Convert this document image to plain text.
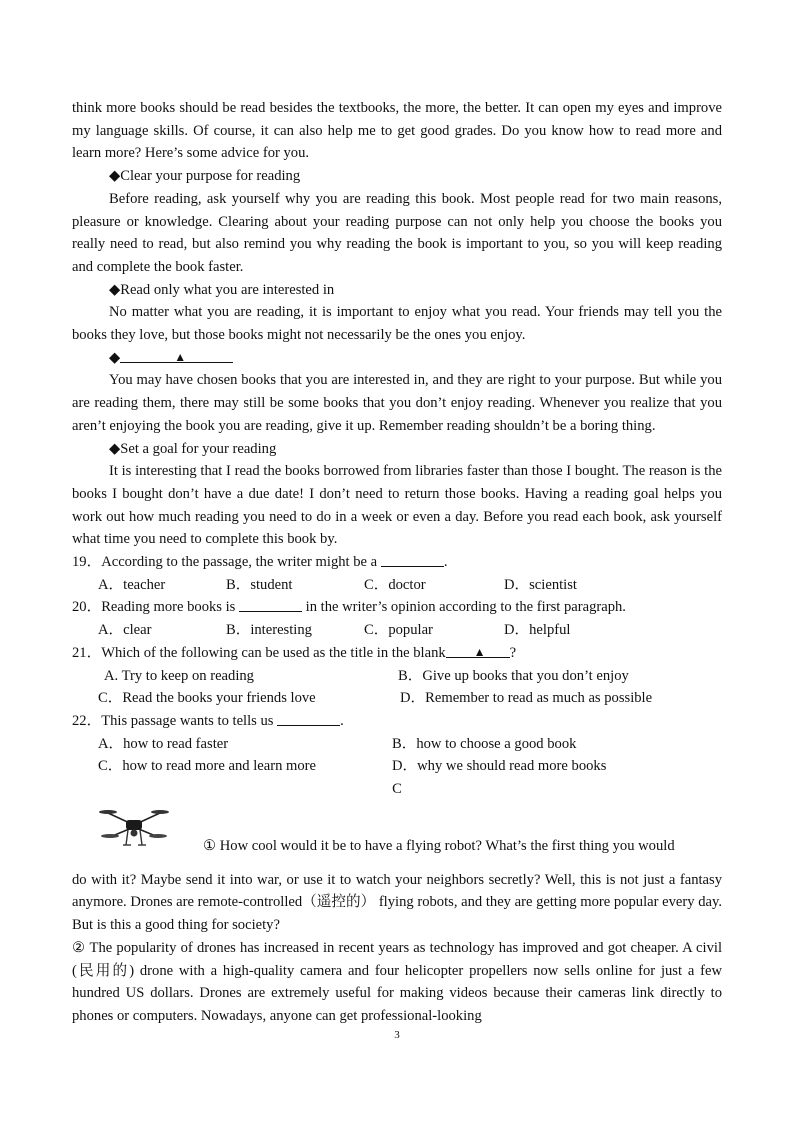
think more books should be read besides the textbooks, the more, the better. It can open my eyes and improve my language skills. Of course, it can also help me to get good grades. Do you know how to read more and learn more? Here’s some advice for you.

◆Clear your purpose for reading

Before reading, ask yourself why you are reading this book. Most people read for two main reasons, pleasure or knowledge. Clearing about your reading purpose can not only help you choose the books you really need to read, but also remind you why reading the book is important to you, so you will keep reading and complete the book faster.

◆Read only what you are interested in

No matter what you are reading, it is important to enjoy what you read. Your friends may tell you the books they love, but those books might not necessarily be the ones you enjoy.

◆	▲

You may have chosen books that you are interested in, and they are right to your purpose. But while you are reading them, there may still be some books that you don’t enjoy reading. Whenever you realize that you aren’t enjoying the book you are reading, give it up. Remember reading shouldn’t be a boring thing.

◆Set a goal for your reading

It is interesting that I read the books borrowed from libraries faster than those I bought. The reason is the books I bought don’t have a due date! I don’t need to return those books. Having a reading goal helps you work out how much reading you need to do in a week or even a day. Before you read each book, ask yourself what time you need to complete this book by.

19．According to the passage, the writer might be a	.

A．teacher	B．student	C．doctor	D．scientist

20．Reading more books is	in the writer’s opinion according to the first paragraph.

A．clear	B．interesting	C．popular	D．helpful

21．Which of the following can be used as the title in the blank ▲ ?

A. Try to keep on reading	B．Give up books that you don’t enjoy
C．Read the books your friends love	D．Remember to read as much as possible

22．This passage wants to tells us	.

A．how to read faster	B．how to choose a good book
C．how to read more and learn more	D．why we should read more books

C

① How cool would it be to have a flying robot? What’s the first thing you would

do with it? Maybe send it into war, or use it to watch your neighbors secretly? Well, this is not just a fantasy anymore. Drones are remote-controlled（遥控的） flying robots, and they are getting more popular every day. But is this a good thing for society?

② The popularity of drones has increased in recent years as technology has improved and got cheaper. A civil (民用的) drone with a high-quality camera and four helicopter propellers now sells online for just a few hundred US dollars. Drones are extremely useful for making videos because their cameras link directly to phones or computers. Nowadays, anyone can get professional-looking

3
